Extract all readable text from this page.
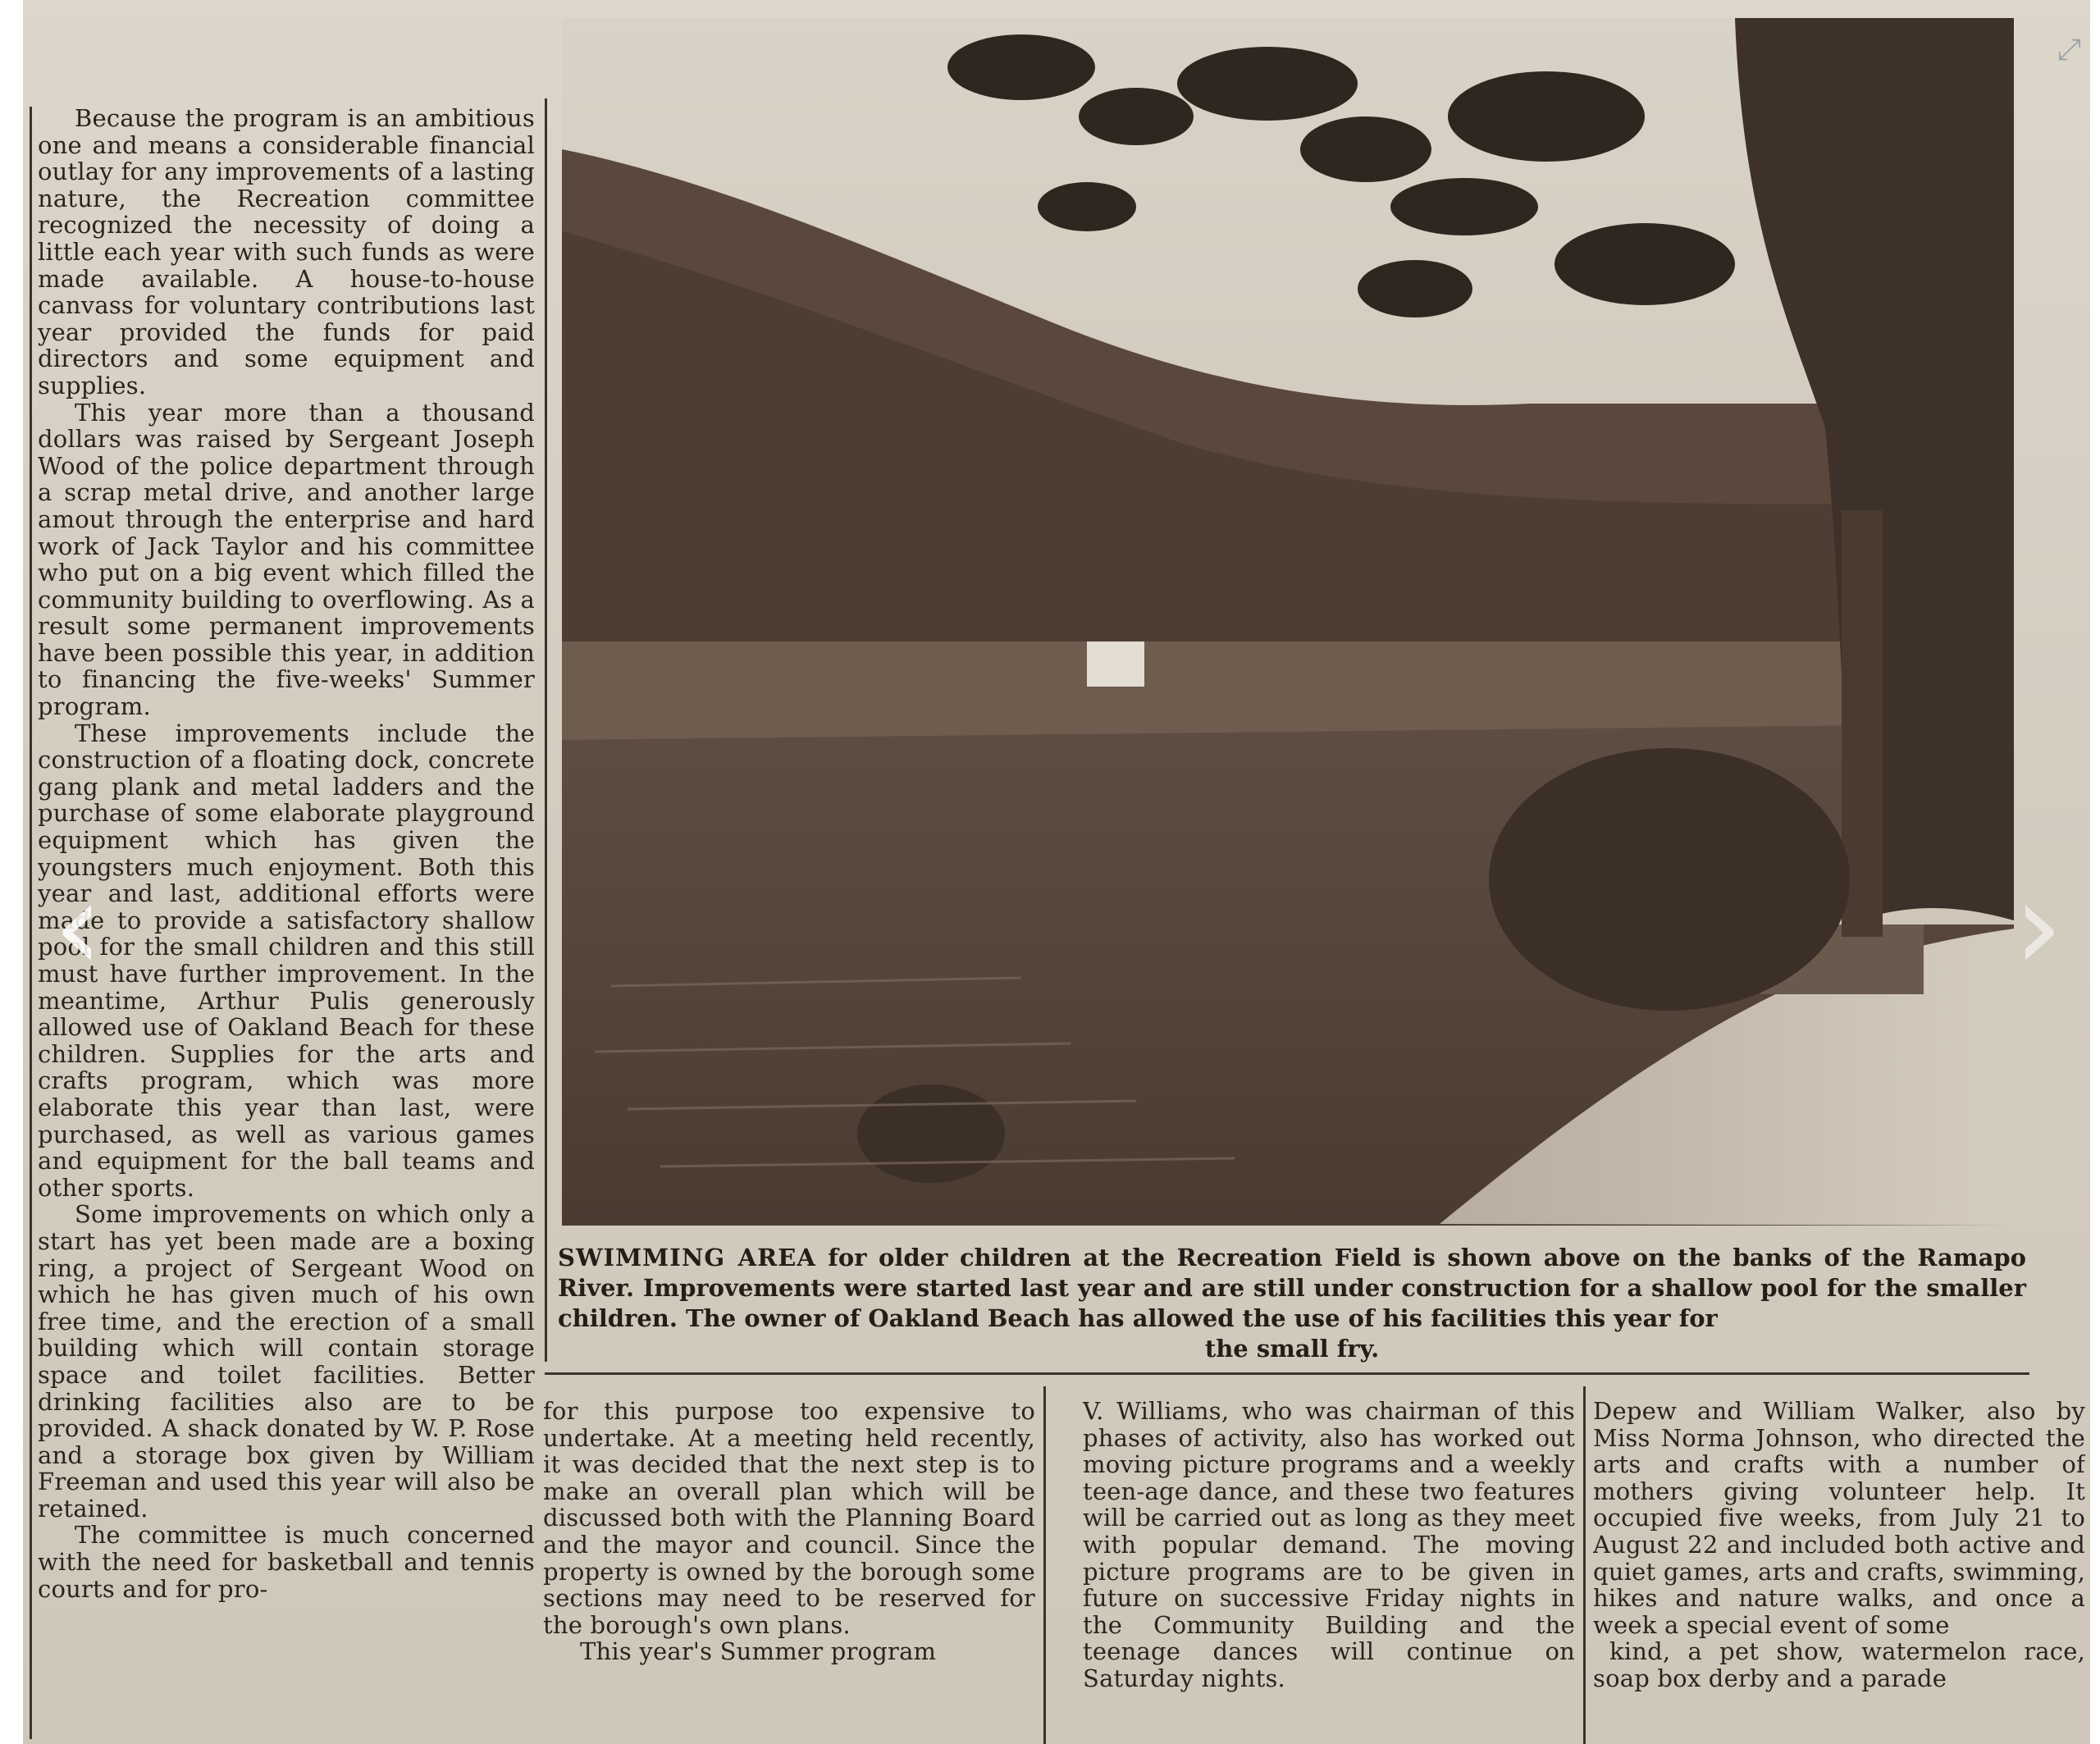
Because the program is an ambitious one and means a considerable financial outlay for any improvements of a lasting nature, the Recreation committee recognized the necessity of doing a little each year with such funds as were made available. A house-to-house canvass for voluntary contributions last year provided the funds for paid directors and some equipment and supplies.

This year more than a thousand dollars was raised by Sergeant Joseph Wood of the police department through a scrap metal drive, and another large amout through the enterprise and hard work of Jack Taylor and his committee who put on a big event which filled the community building to overflowing. As a result some permanent improvements have been possible this year, in addition to financing the five-weeks' Summer program.

These improvements include the construction of a floating dock, concrete gang plank and metal ladders and the purchase of some elaborate playground equipment which has given the youngsters much enjoyment. Both this year and last, additional efforts were made to provide a satisfactory shallow pool for the small children and this still must have further improvement. In the meantime, Arthur Pulis generously allowed use of Oakland Beach for these children. Supplies for the arts and crafts program, which was more elaborate this year than last, were purchased, as well as various games and equipment for the ball teams and other sports.

Some improvements on which only a start has yet been made are a boxing ring, a project of Sergeant Wood on which he has given much of his own free time, and the erection of a small building which will contain storage space and toilet facilities. Better drinking facilities also are to be provided. A shack donated by W. P. Rose and a storage box given by William Freeman and used this year will also be retained.

The committee is much concerned with the need for basketball and tennis courts and for pro-

SWIMMING AREA for older children at the Recreation Field is shown above on the banks of the Ramapo River. Improvements were started last year and are still under construction for a shallow pool for the smaller children. The owner of Oakland Beach has allowed the use of his facilities this year for
the small fry.

for this purpose too expensive to undertake. At a meeting held recently, it was decided that the next step is to make an overall plan which will be discussed both with the Planning Board and the mayor and council. Since the property is owned by the borough some sections may need to be reserved for the borough's own plans.

This year's Summer program

V. Williams, who was chairman of this phases of activity, also has worked out moving picture programs and a weekly teen-age dance, and these two features will be carried out as long as they meet with popular demand. The moving picture programs are to be given in future on successive Friday nights in the Community Building and the teenage dances will continue on Saturday nights.

Depew and William Walker, also by Miss Norma Johnson, who directed the arts and crafts with a number of mothers giving volunteer help. It occupied five weeks, from July 21 to August 22 and included both active and quiet games, arts and crafts, swimming, hikes and nature walks, and once a week a special event of some

kind, a pet show, watermelon race, soap box derby and a parade

‹	›
⤢
